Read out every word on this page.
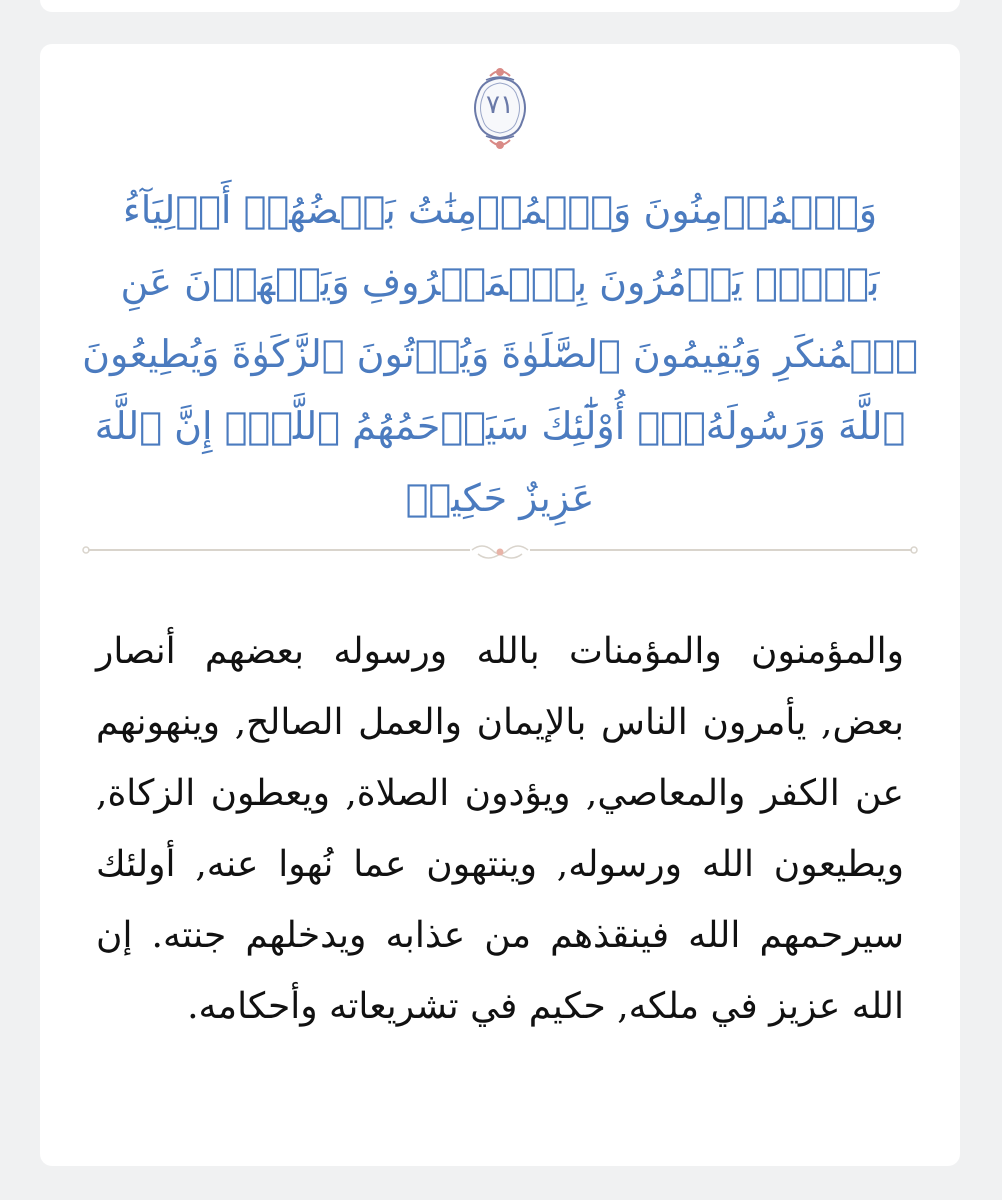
٧١
وَٱلۡمُؤۡمِنُونَ وَٱلۡمُؤۡمِنَٰتُ بَعۡضُهُمۡ أَوۡلِيَآءُ بَعۡضٖۚ يَأۡمُرُونَ بِٱلۡمَعۡرُوفِ وَيَنۡهَوۡنَ عَنِ ٱلۡمُنكَرِ وَيُقِيمُونَ ٱلصَّلَوٰةَ وَيُؤۡتُونَ ٱلزَّكَوٰةَ وَيُطِيعُونَ ٱللَّهَ وَرَسُولَهُۥٓۚ أُوْلَٰٓئِكَ سَيَرۡحَمُهُمُ ٱللَّهُۗ إِنَّ ٱللَّهَ عَزِيزٌ حَكِيمٞ
والمؤمنون والمؤمنات بالله ورسوله بعضهم أنصار بعض, يأمرون الناس بالإيمان والعمل الصالح, وينهونهم عن الكفر والمعاصي, ويؤدون الصلاة, ويعطون الزكاة, ويطيعون الله ورسوله, وينتهون عما نُهوا عنه, أولئك سيرحمهم الله فينقذهم من عذابه ويدخلهم جنته. إن الله عزيز في ملكه, حكيم في تشريعاته وأحكامه.
